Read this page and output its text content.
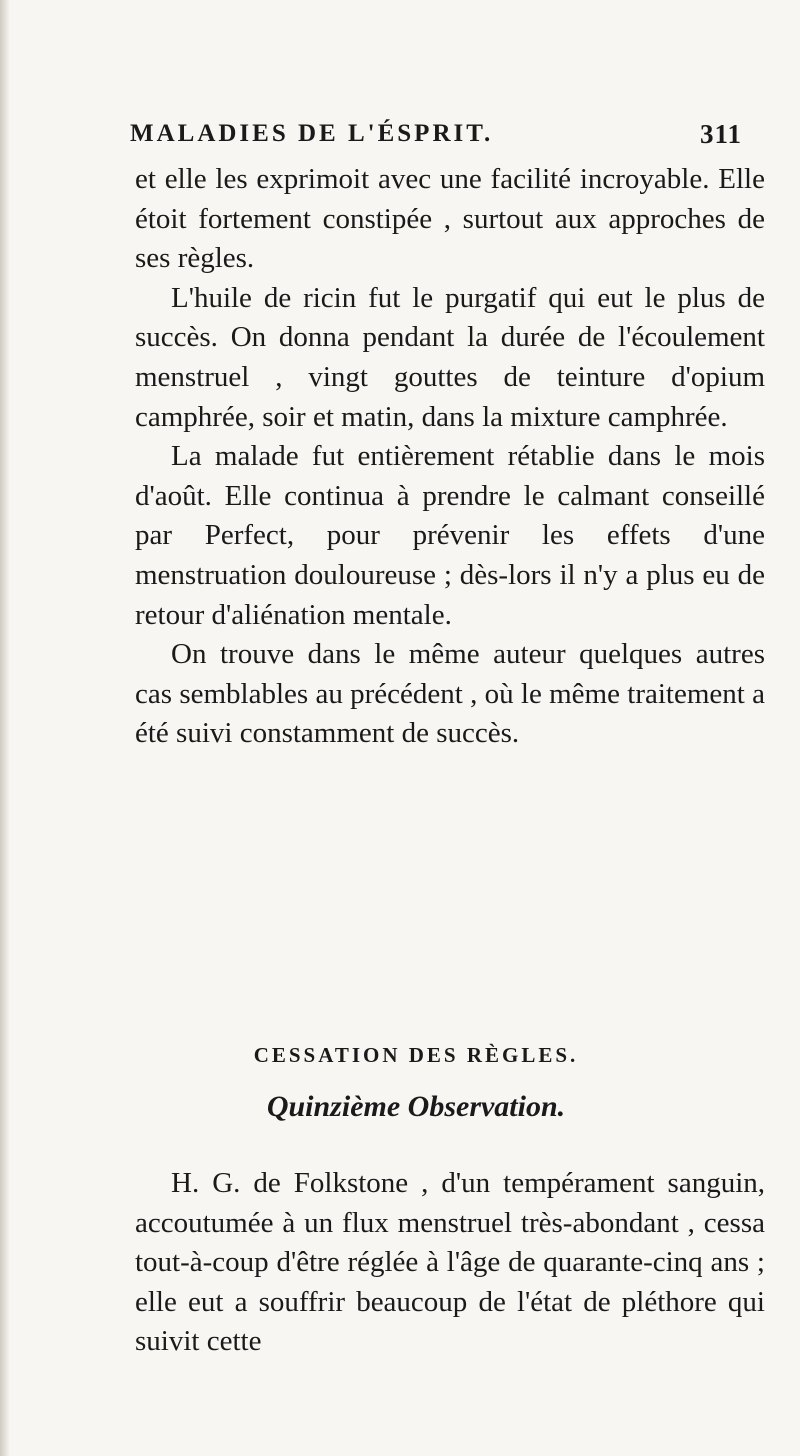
MALADIES DE L'ÉSPRIT.	311

et elle les exprimoit avec une facilité incroyable. Elle étoit fortement constipée , surtout aux approches de ses règles.

L'huile de ricin fut le purgatif qui eut le plus de succès. On donna pendant la durée de l'écoulement menstruel , vingt gouttes de teinture d'opium camphrée, soir et matin, dans la mixture camphrée.

La malade fut entièrement rétablie dans le mois d'août. Elle continua à prendre le calmant conseillé par Perfect, pour prévenir les effets d'une menstruation douloureuse ; dès-lors il n'y a plus eu de retour d'aliénation mentale.

On trouve dans le même auteur quelques autres cas semblables au précédent , où le même traitement a été suivi constamment de succès.

CESSATION DES RÈGLES.
Quinzième Observation.

H. G. de Folkstone , d'un tempérament sanguin, accoutumée à un flux menstruel très-abondant , cessa tout-à-coup d'être réglée à l'âge de quarante-cinq ans ; elle eut a souffrir beaucoup de l'état de pléthore qui suivit cette
